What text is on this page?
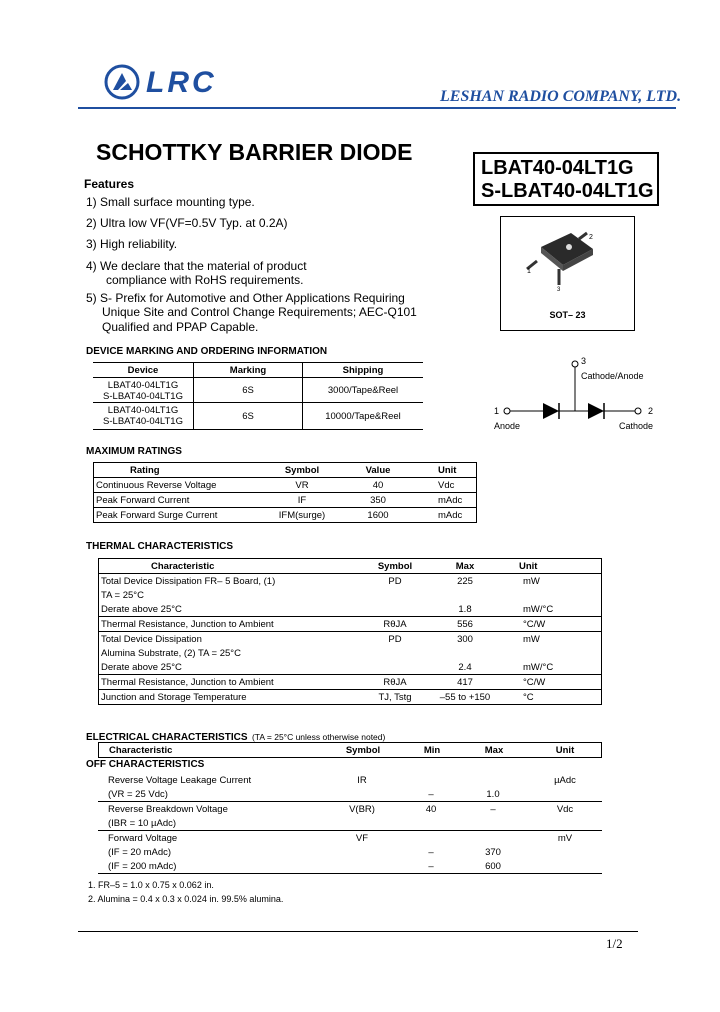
LRC	LESHAN RADIO COMPANY, LTD.
SCHOTTKY BARRIER DIODE
LBAT40-04LT1G
S-LBAT40-04LT1G
Features
1) Small surface mounting type.
2) Ultra low VF(VF=0.5V Typ. at 0.2A)
3) High reliability.
4) We declare that the material of product
compliance with RoHS requirements.
5) S- Prefix for Automotive and Other Applications Requiring
Unique Site and Control Change Requirements; AEC-Q101
Qualified and PPAP Capable.
2
1
3
SOT– 23
3
Cathode/Anode
1
Anode
2
Cathode
DEVICE MARKING AND ORDERING INFORMATION
Device	Marking	Shipping
LBAT40-04LT1G
S-LBAT40-04LT1G	6S	3000/Tape&Reel
LBAT40-04LT1G
S-LBAT40-04LT1G	6S	10000/Tape&Reel
MAXIMUM RATINGS
Rating	Symbol	Value	Unit
Continuous Reverse Voltage	VR	40	Vdc
Peak Forward Current	IF	350	mAdc
Peak Forward Surge Current	IFM(surge)	1600	mAdc
THERMAL CHARACTERISTICS
Characteristic	Symbol	Max	Unit
Total Device Dissipation FR– 5 Board, (1)	PD	225	mW
TA = 25°C			
Derate above 25°C		1.8	mW/°C
Thermal Resistance, Junction to Ambient	RθJA	556	°C/W
Total Device Dissipation	PD	300	mW
Alumina Substrate, (2) TA = 25°C			
Derate above 25°C		2.4	mW/°C
Thermal Resistance, Junction to Ambient	RθJA	417	°C/W
Junction and Storage Temperature	TJ, Tstg	–55 to +150	°C
ELECTRICAL CHARACTERISTICS (TA = 25°C unless otherwise noted)
Characteristic	Symbol	Min	Max	Unit
OFF CHARACTERISTICS
Reverse Voltage Leakage Current	IR			µAdc
(VR = 25 Vdc)		–	1.0	
Reverse Breakdown Voltage	V(BR)	40	–	Vdc
(IBR = 10 µAdc)				
Forward Voltage	VF			mV
(IF = 20 mAdc)		–	370	
(IF = 200 mAdc)		–	600	
1. FR–5 = 1.0 x 0.75 x 0.062 in.
2. Alumina = 0.4 x 0.3 x 0.024 in. 99.5% alumina.
1/2
